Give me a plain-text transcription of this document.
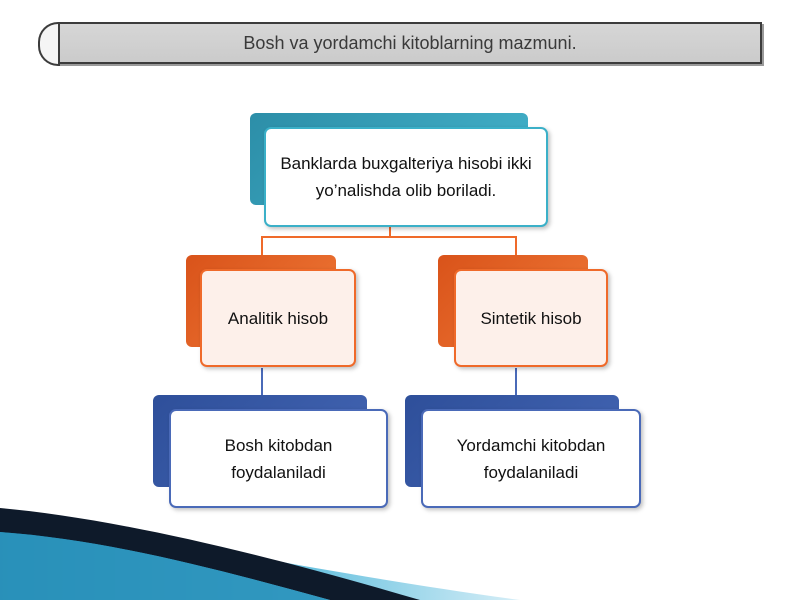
Bosh va yordamchi kitoblarning mazmuni.
Banklarda buxgalteriya hisobi ikki yo’nalishda olib boriladi.
Analitik hisob	Sintetik hisob
Bosh kitobdan foydalaniladi
Yordamchi kitobdan foydalaniladi
